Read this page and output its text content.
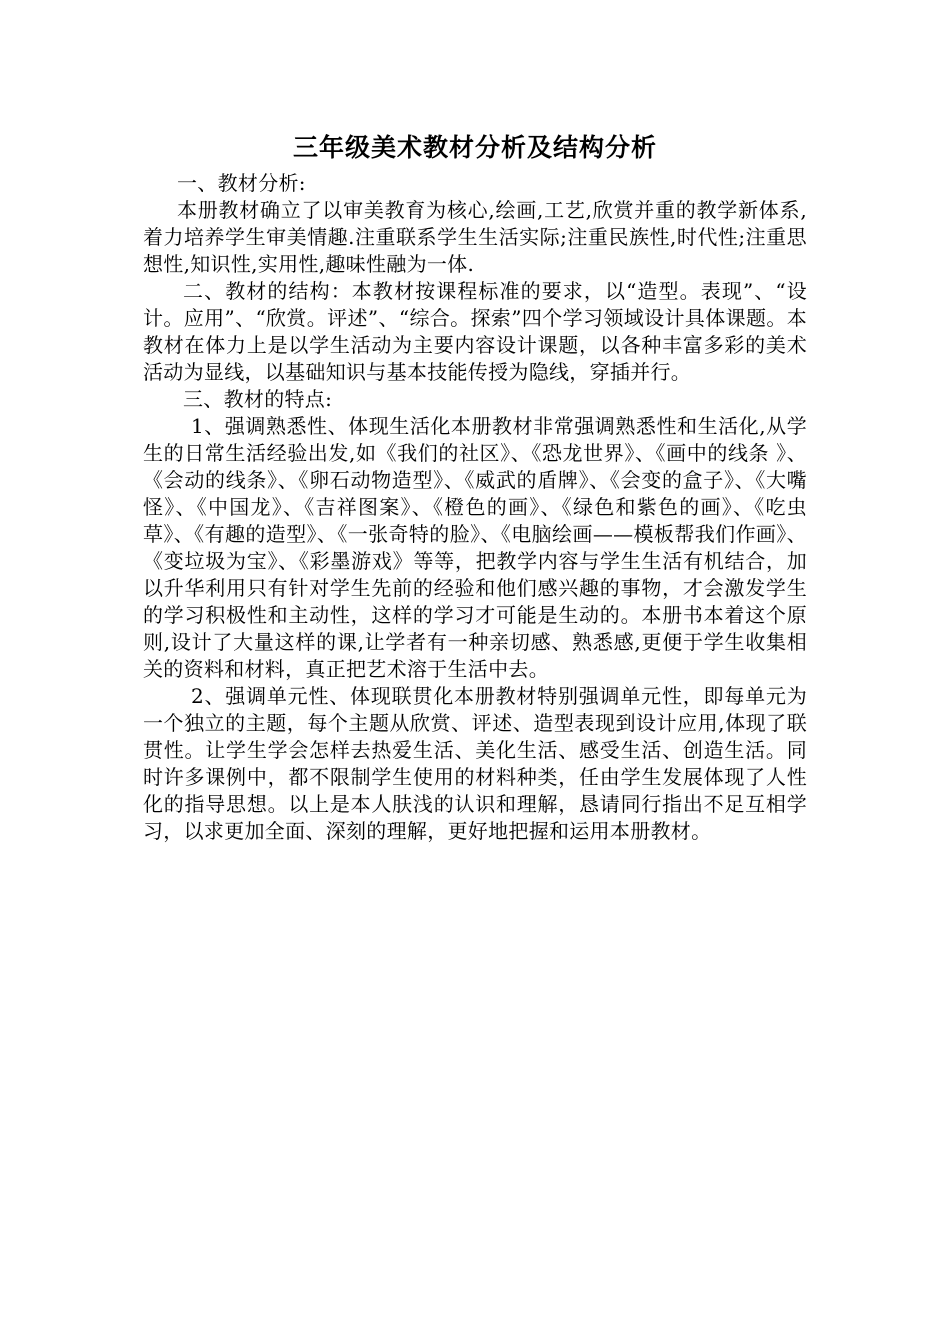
三年级美术教材分析及结构分析

一、教材分析:

本册教材确立了以审美教育为核心,绘画,工艺,欣赏并重的教学新体系,着力培养学生审美情趣.注重联系学生生活实际;注重民族性,时代性;注重思想性,知识性,实用性,趣味性融为一体.

二、教材的结构：本教材按课程标准的要求，以“造型。表现”、“设计。应用”、“欣赏。评述”、“综合。探索”四个学习领域设计具体课题。本教材在体力上是以学生活动为主要内容设计课题，以各种丰富多彩的美术活动为显线，以基础知识与基本技能传授为隐线，穿插并行。

三、教材的特点:

1、强调熟悉性、体现生活化本册教材非常强调熟悉性和生活化,从学生的日常生活经验出发,如《我们的社区》、《恐龙世界》、《画中的线条 》、《会动的线条》、《卵石动物造型》、《威武的盾牌》、《会变的盒子》、《大嘴怪》、《中国龙》、《吉祥图案》、《橙色的画》、《绿色和紫色的画》、《吃虫草》、《有趣的造型》、《一张奇特的脸》、《电脑绘画——模板帮我们作画》、《变垃圾为宝》、《彩墨游戏》等等，把教学内容与学生生活有机结合，加以升华利用只有针对学生先前的经验和他们感兴趣的事物，才会激发学生的学习积极性和主动性，这样的学习才可能是生动的。本册书本着这个原则,设计了大量这样的课,让学者有一种亲切感、熟悉感,更便于学生收集相关的资料和材料，真正把艺术溶于生活中去。

2、强调单元性、体现联贯化本册教材特别强调单元性，即每单元为一个独立的主题，每个主题从欣赏、评述、造型表现到设计应用,体现了联贯性。让学生学会怎样去热爱生活、美化生活、感受生活、创造生活。同时许多课例中，都不限制学生使用的材料种类，任由学生发展体现了人性化的指导思想。以上是本人肤浅的认识和理解，恳请同行指出不足互相学习，以求更加全面、深刻的理解，更好地把握和运用本册教材。
